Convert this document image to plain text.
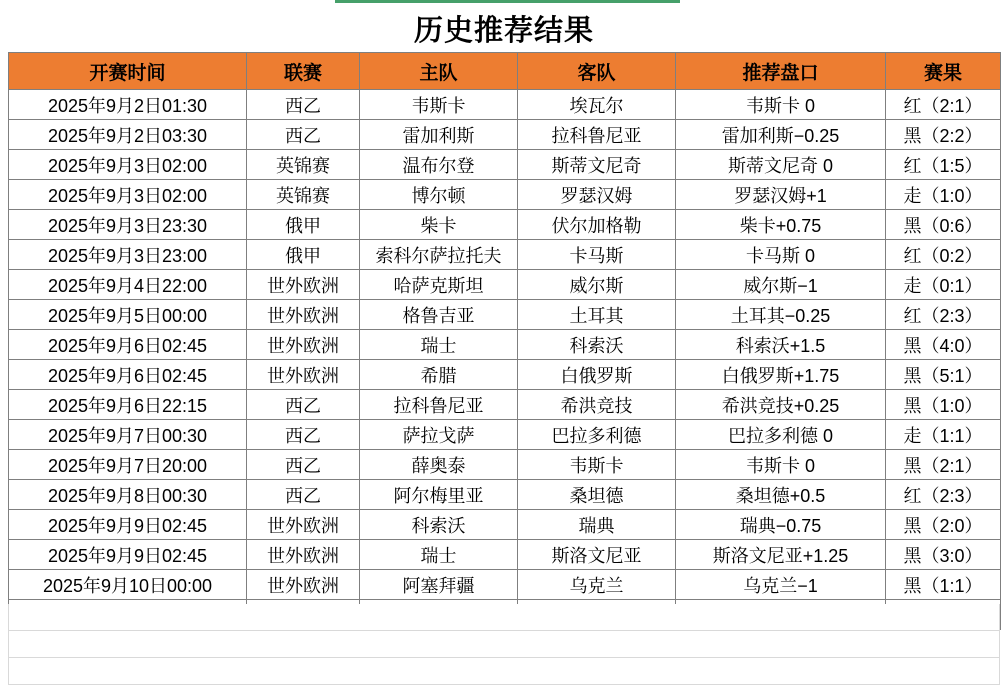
历史推荐结果
开赛时间	联赛	主队	客队	推荐盘口	赛果
2025年9月2日01:30	西乙	韦斯卡	埃瓦尔	韦斯卡 0	红（2:1）
2025年9月2日03:30	西乙	雷加利斯	拉科鲁尼亚	雷加利斯−0.25	黑（2:2）
2025年9月3日02:00	英锦赛	温布尔登	斯蒂文尼奇	斯蒂文尼奇 0	红（1:5）
2025年9月3日02:00	英锦赛	博尔顿	罗瑟汉姆	罗瑟汉姆+1	走（1:0）
2025年9月3日23:30	俄甲	柴卡	伏尔加格勒	柴卡+0.75	黑（0:6）
2025年9月3日23:00	俄甲	索科尔萨拉托夫	卡马斯	卡马斯 0	红（0:2）
2025年9月4日22:00	世外欧洲	哈萨克斯坦	威尔斯	威尔斯−1	走（0:1）
2025年9月5日00:00	世外欧洲	格鲁吉亚	土耳其	土耳其−0.25	红（2:3）
2025年9月6日02:45	世外欧洲	瑞士	科索沃	科索沃+1.5	黑（4:0）
2025年9月6日02:45	世外欧洲	希腊	白俄罗斯	白俄罗斯+1.75	黑（5:1）
2025年9月6日22:15	西乙	拉科鲁尼亚	希洪竞技	希洪竞技+0.25	黑（1:0）
2025年9月7日00:30	西乙	萨拉戈萨	巴拉多利德	巴拉多利德 0	走（1:1）
2025年9月7日20:00	西乙	薛奥泰	韦斯卡	韦斯卡 0	黑（2:1）
2025年9月8日00:30	西乙	阿尔梅里亚	桑坦德	桑坦德+0.5	红（2:3）
2025年9月9日02:45	世外欧洲	科索沃	瑞典	瑞典−0.75	黑（2:0）
2025年9月9日02:45	世外欧洲	瑞士	斯洛文尼亚	斯洛文尼亚+1.25	黑（3:0）
2025年9月10日00:00	世外欧洲	阿塞拜疆	乌克兰	乌克兰−1	黑（1:1）
